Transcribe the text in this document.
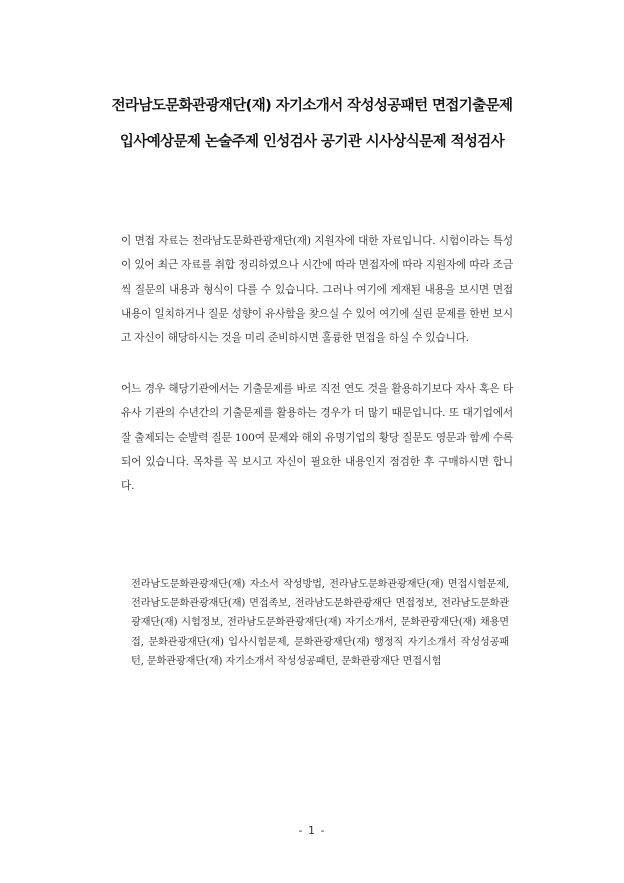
전라남도문화관광재단(재) 자기소개서 작성성공패턴 면접기출문제
입사예상문제 논술주제 인성검사 공기관 시사상식문제 적성검사
이 면접 자료는 전라남도문화관광재단(재) 지원자에 대한 자료입니다. 시험이라는 특성이 있어 최근 자료를 취합 정리하였으나 시간에 따라 면접자에 따라 지원자에 따라 조금씩 질문의 내용과 형식이 다를 수 있습니다. 그러나 여기에 게재된 내용을 보시면 면접 내용이 일치하거나 질문 성향이 유사함을 찾으실 수 있어 여기에 실린 문제를 한번 보시고 자신이 해당하시는 것을 미리 준비하시면 훌륭한 면접을 하실 수 있습니다.
어느 경우 해당기관에서는 기출문제를 바로 직전 연도 것을 활용하기보다 자사 혹은 타 유사 기관의 수년간의 기출문제를 활용하는 경우가 더 많기 때문입니다. 또 대기업에서 잘 출제되는 순발력 질문 100여 문제와 해외 유명기업의 황당 질문도 영문과 함께 수록되어 있습니다. 목차를 꼭 보시고 자신이 필요한 내용인지 점검한 후 구매하시면 합니다.
전라남도문화관광재단(재) 자소서 작성방법, 전라남도문화관광재단(재) 면접시험문제, 전라남도문화관광재단(재) 면접족보, 전라남도문화관광재단 면접정보, 전라남도문화관광재단(재) 시험정보, 전라남도문화관광재단(재) 자기소개서, 문화관광재단(재) 채용면접, 문화관광재단(재) 입사시험문제, 문화관광재단(재) 행정직 자기소개서 작성성공패턴, 문화관광재단(재) 자기소개서 작성성공패턴, 문화관광재단 면접시험
- 1 -
